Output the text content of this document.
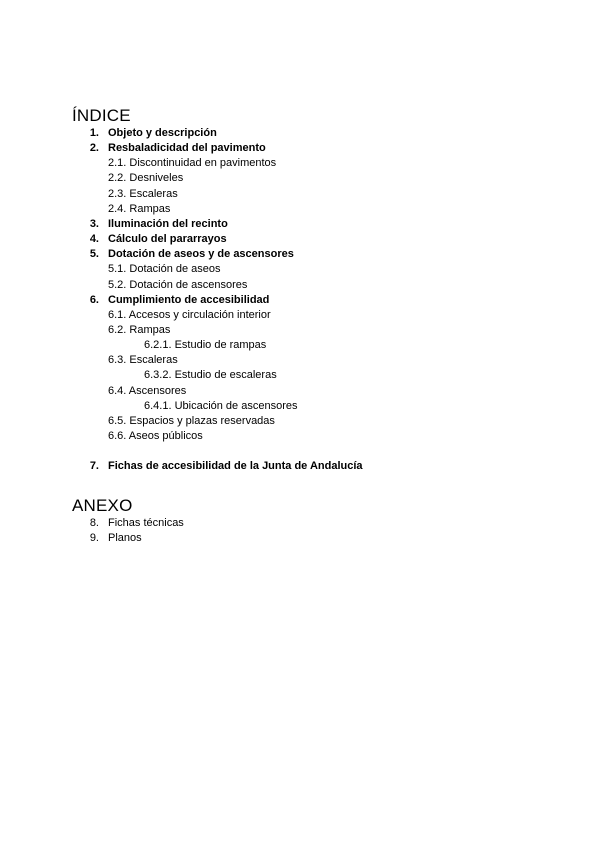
ÍNDICE
1. Objeto y descripción
2. Resbaladicidad del pavimento
2.1. Discontinuidad en pavimentos
2.2. Desniveles
2.3. Escaleras
2.4. Rampas
3. Iluminación del recinto
4. Cálculo del pararrayos
5. Dotación de aseos y de ascensores
5.1. Dotación de aseos
5.2. Dotación de ascensores
6. Cumplimiento de accesibilidad
6.1. Accesos y circulación interior
6.2. Rampas
6.2.1. Estudio de rampas
6.3. Escaleras
6.3.2. Estudio de escaleras
6.4. Ascensores
6.4.1. Ubicación de ascensores
6.5. Espacios y plazas reservadas
6.6. Aseos públicos
7. Fichas de accesibilidad de la Junta de Andalucía
ANEXO
8. Fichas técnicas
9. Planos
